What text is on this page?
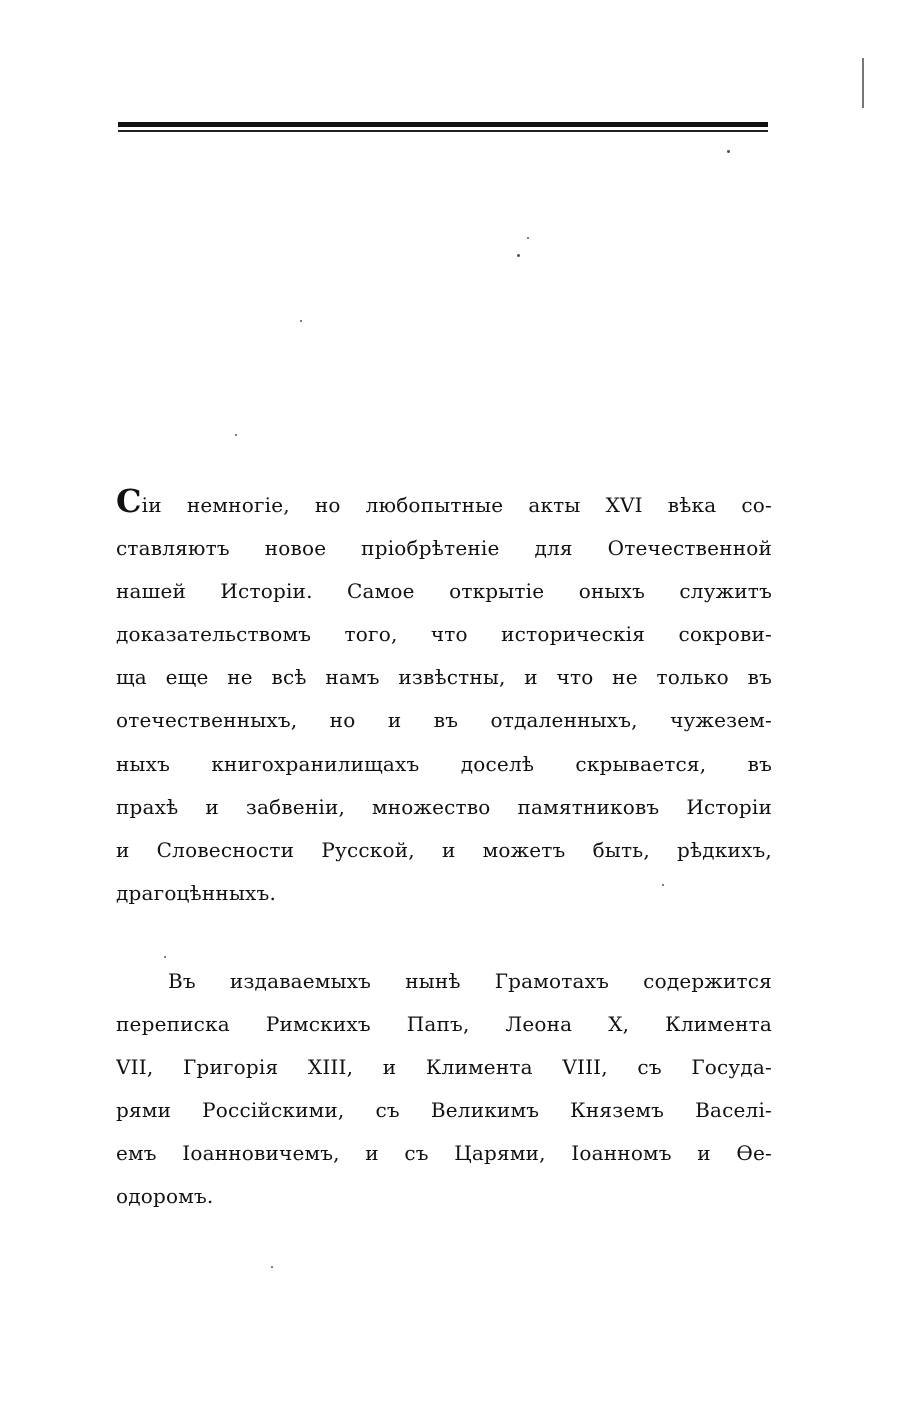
Сіи немногіе, но любопытные акты XVI вѣка со-
ставляютъ новое пріобрѣтеніе для Отечественной
нашей Исторіи. Самое открытіе оныхъ служитъ
доказательствомъ того, что историческія сокрови-
ща еще не всѣ намъ извѣстны, и что не только въ
отечественныхъ, но и въ отдаленныхъ, чужезем-
ныхъ книгохранилищахъ доселѣ скрывается, въ
прахѣ и забвеніи, множество памятниковъ Исторіи
и Словесности Русской, и можетъ быть, рѣдкихъ,
драгоцѣнныхъ.
Въ издаваемыхъ нынѣ Грамотахъ содержится
переписка Римскихъ Папъ, Леона X, Климента
VII, Григорія XIII, и Климента VIII, съ Госуда-
рями Россійскими, съ Великимъ Княземъ Васелі-
емъ Іоанновичемъ, и съ Царями, Іоанномъ и Ѳе-
одоромъ.
